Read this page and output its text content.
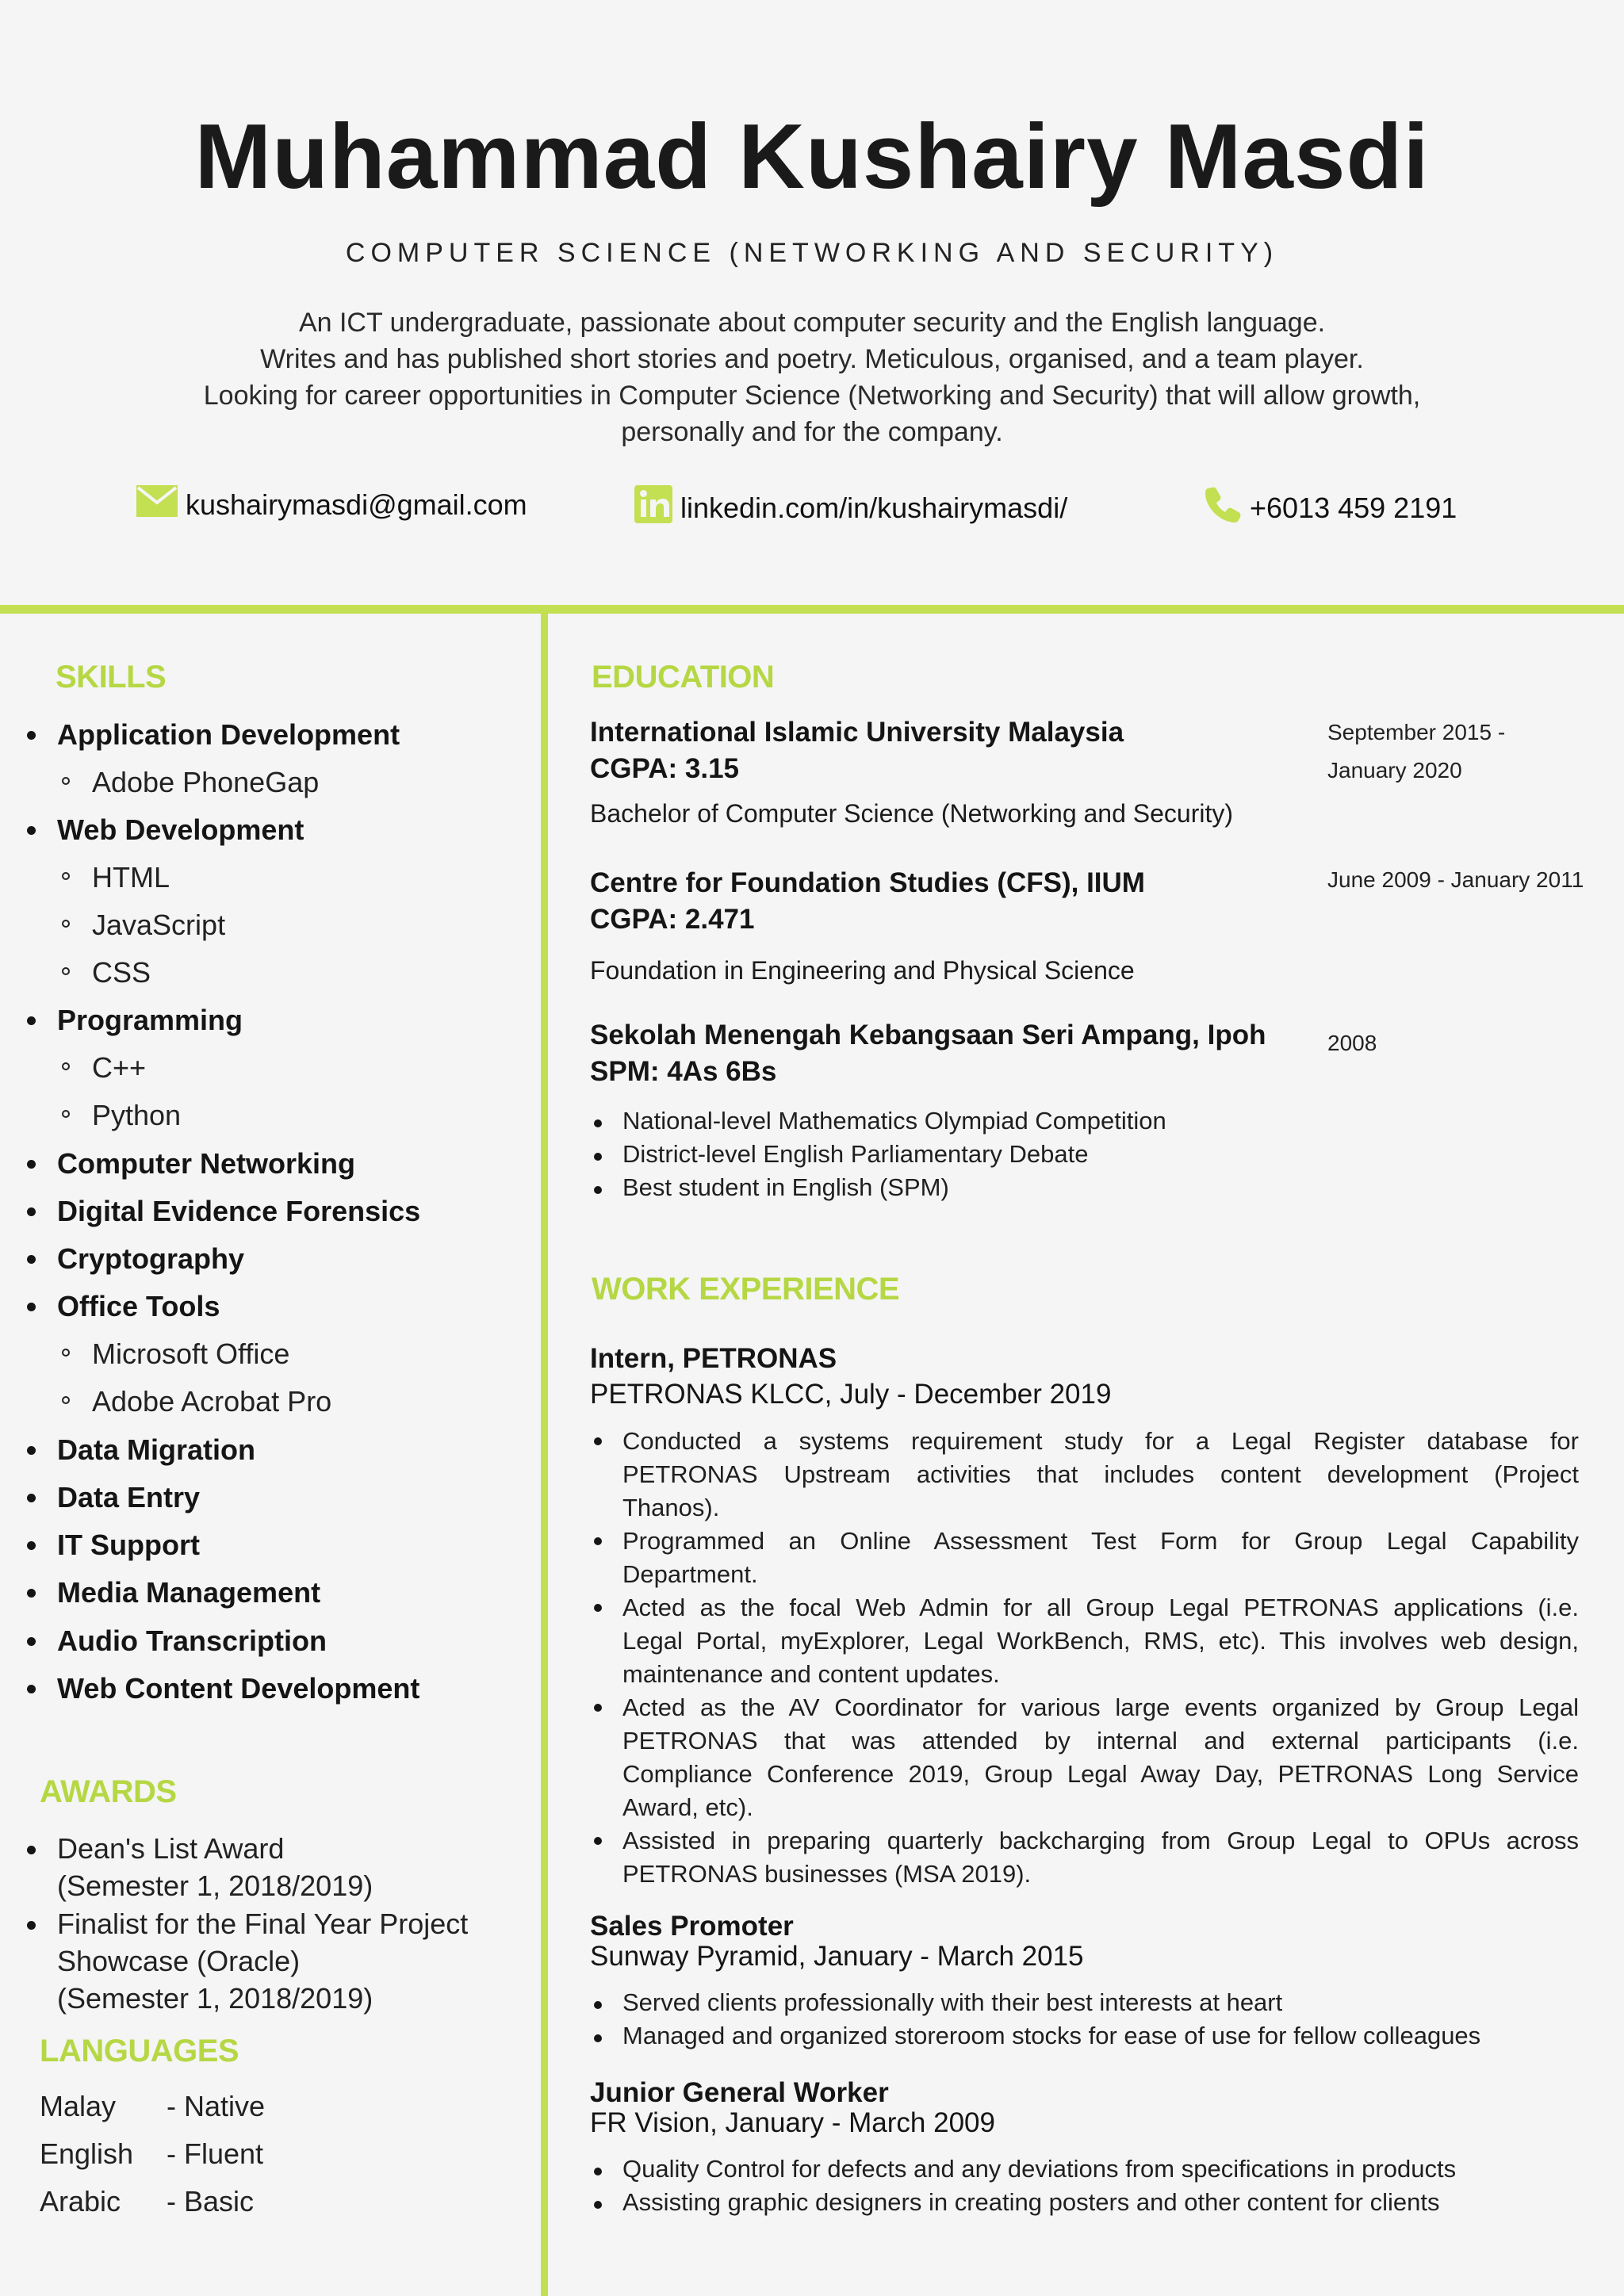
Muhammad Kushairy Masdi
COMPUTER SCIENCE (NETWORKING AND SECURITY)
An ICT undergraduate, passionate about computer security and the English language.
Writes and has published short stories and poetry. Meticulous, organised, and a team player.
Looking for career opportunities in Computer Science (Networking and Security) that will allow growth,
personally and for the company.
kushairymasdi@gmail.com	linkedin.com/in/kushairymasdi/	+6013 459 2191
SKILLS
Application Development
Adobe PhoneGap
Web Development
HTML
JavaScript
CSS
Programming
C++
Python
Computer Networking
Digital Evidence Forensics
Cryptography
Office Tools
Microsoft Office
Adobe Acrobat Pro
Data Migration
Data Entry
IT Support
Media Management
Audio Transcription
Web Content Development
AWARDS
Dean's List Award
(Semester 1, 2018/2019)
Finalist for the Final Year Project
Showcase (Oracle)
(Semester 1, 2018/2019)
LANGUAGES
Malay - Native
English - Fluent
Arabic - Basic
EDUCATION
International Islamic University Malaysia
CGPA: 3.15
Bachelor of Computer Science (Networking and Security)
September 2015 -
January 2020
Centre for Foundation Studies (CFS), IIUM
CGPA: 2.471
Foundation in Engineering and Physical Science
June 2009 - January 2011
Sekolah Menengah Kebangsaan Seri Ampang, Ipoh
SPM: 4As 6Bs
2008
National-level Mathematics Olympiad Competition
District-level English Parliamentary Debate
Best student in English (SPM)
WORK EXPERIENCE
Intern, PETRONAS
PETRONAS KLCC, July - December 2019
Conducted a systems requirement study for a Legal Register database for
PETRONAS Upstream activities that includes content development (Project
Thanos).
Programmed an Online Assessment Test Form for Group Legal Capability
Department.
Acted as the focal Web Admin for all Group Legal PETRONAS applications (i.e.
Legal Portal, myExplorer, Legal WorkBench, RMS, etc). This involves web design,
maintenance and content updates.
Acted as the AV Coordinator for various large events organized by Group Legal
PETRONAS that was attended by internal and external participants (i.e.
Compliance Conference 2019, Group Legal Away Day, PETRONAS Long Service
Award, etc).
Assisted in preparing quarterly backcharging from Group Legal to OPUs across
PETRONAS businesses (MSA 2019).
Sales Promoter
Sunway Pyramid, January - March 2015
Served clients professionally with their best interests at heart
Managed and organized storeroom stocks for ease of use for fellow colleagues
Junior General Worker
FR Vision, January - March 2009
Quality Control for defects and any deviations from specifications in products
Assisting graphic designers in creating posters and other content for clients
